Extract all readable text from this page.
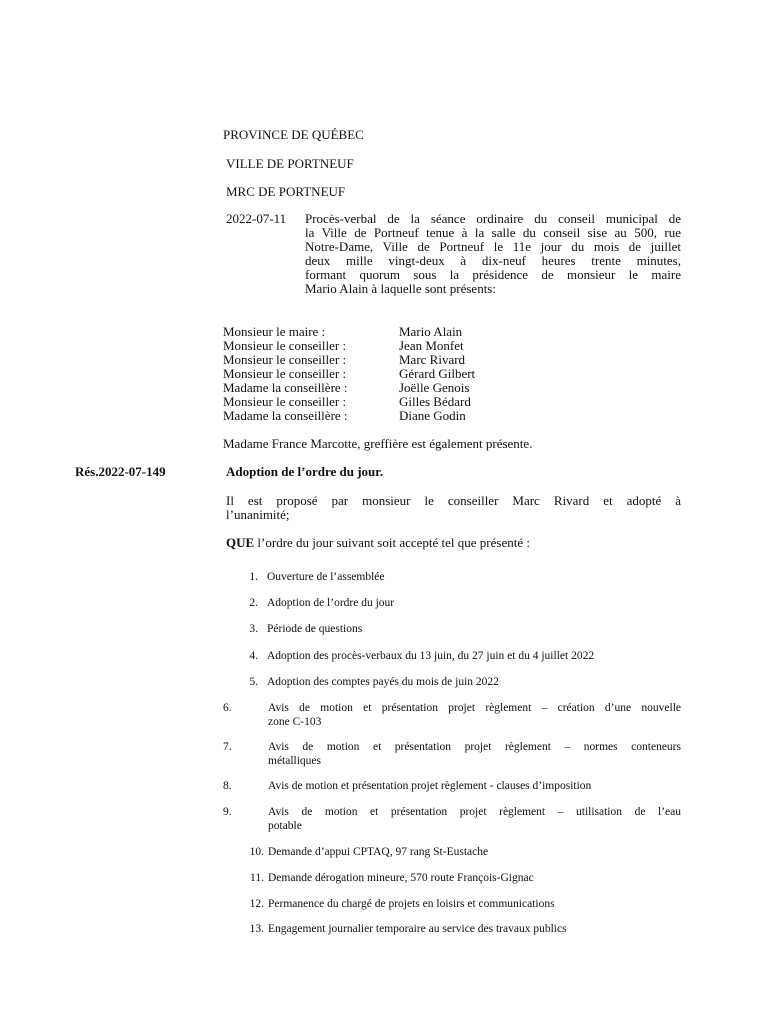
PROVINCE DE QUÉBEC
VILLE DE PORTNEUF
MRC DE PORTNEUF
2022-07-11 Procès-verbal de la séance ordinaire du conseil municipal de
la Ville de Portneuf tenue à la salle du conseil sise au 500, rue
Notre-Dame, Ville de Portneuf le 11e jour du mois de juillet
deux mille vingt-deux à dix-neuf heures trente minutes,
formant quorum sous la présidence de monsieur le maire
Mario Alain à laquelle sont présents:
Monsieur le maire :	Mario Alain
Monsieur le conseiller :	Jean Monfet
Monsieur le conseiller :	Marc Rivard
Monsieur le conseiller :	Gérard Gilbert
Madame la conseillère :	Joëlle Genois
Monsieur le conseiller :	Gilles Bédard
Madame la conseillère :	Diane Godin
Madame France Marcotte, greffière est également présente.
Rés.2022-07-149	Adoption de l’ordre du jour.
Il est proposé par monsieur le conseiller Marc Rivard et adopté à
l’unanimité;
QUE l’ordre du jour suivant soit accepté tel que présenté :
1. Ouverture de l’assemblée
2. Adoption de l’ordre du jour
3. Période de questions
4. Adoption des procès-verbaux du 13 juin, du 27 juin et du 4 juillet 2022
5. Adoption des comptes payés du mois de juin 2022
6.	Avis de motion et présentation projet règlement – création d’une nouvelle
zone C-103
7.	Avis de motion et présentation projet règlement – normes conteneurs
métalliques
8.	Avis de motion et présentation projet règlement - clauses d’imposition
9.	Avis de motion et présentation projet règlement – utilisation de l’eau
potable
10. Demande d’appui CPTAQ, 97 rang St-Eustache
11. Demande dérogation mineure, 570 route François-Gignac
12. Permanence du chargé de projets en loisirs et communications
13. Engagement journalier temporaire au service des travaux publics
